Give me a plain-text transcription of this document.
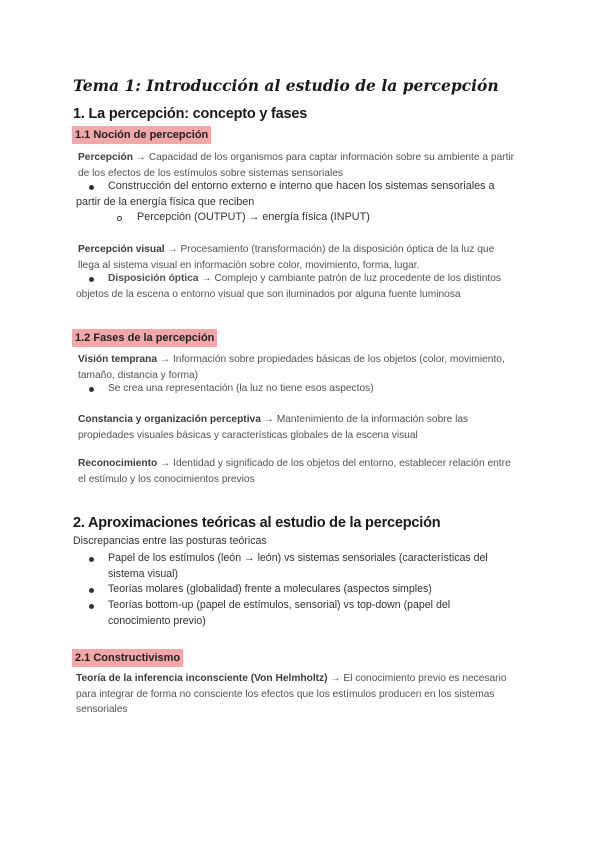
Tema 1: Introducción al estudio de la percepción
1. La percepción: concepto y fases
1.1 Noción de percepción
Percepción → Capacidad de los organismos para captar información sobre su ambiente a partir de los efectos de los estímulos sobre sistemas sensoriales
Construcción del entorno externo e interno que hacen los sistemas sensoriales a partir de la energía física que reciben
Percepción (OUTPUT) → energía física (INPUT)
Percepción visual → Procesamiento (transformación) de la disposición óptica de la luz que llega al sistema visual en información sobre color, movimiento, forma, lugar.
Disposición óptica → Complejo y cambiante patrón de luz procedente de los distintos objetos de la escena o entorno visual que son iluminados por alguna fuente luminosa
1.2 Fases de la percepción
Visión temprana → Información sobre propiedades básicas de los objetos (color, movimiento, tamaño, distancia y forma)
Se crea una representación (la luz no tiene esos aspectos)
Constancia y organización perceptiva → Mantenimiento de la información sobre las propiedades visuales básicas y características globales de la escena visual
Reconocimiento → Identidad y significado de los objetos del entorno, establecer relación entre el estímulo y los conocimientos previos
2. Aproximaciones teóricas al estudio de la percepción
Discrepancias entre las posturas teóricas
Papel de los estímulos (león → león) vs sistemas sensoriales (características del sistema visual)
Teorías molares (globalidad) frente a moleculares (aspectos simples)
Teorías bottom-up (papel de estímulos, sensorial) vs top-down (papel del conocimiento previo)
2.1 Constructivismo
Teoría de la inferencia inconsciente (Von Helmholtz) → El conocimiento previo es necesario para integrar de forma no consciente los efectos que los estímulos producen en los sistemas sensoriales
